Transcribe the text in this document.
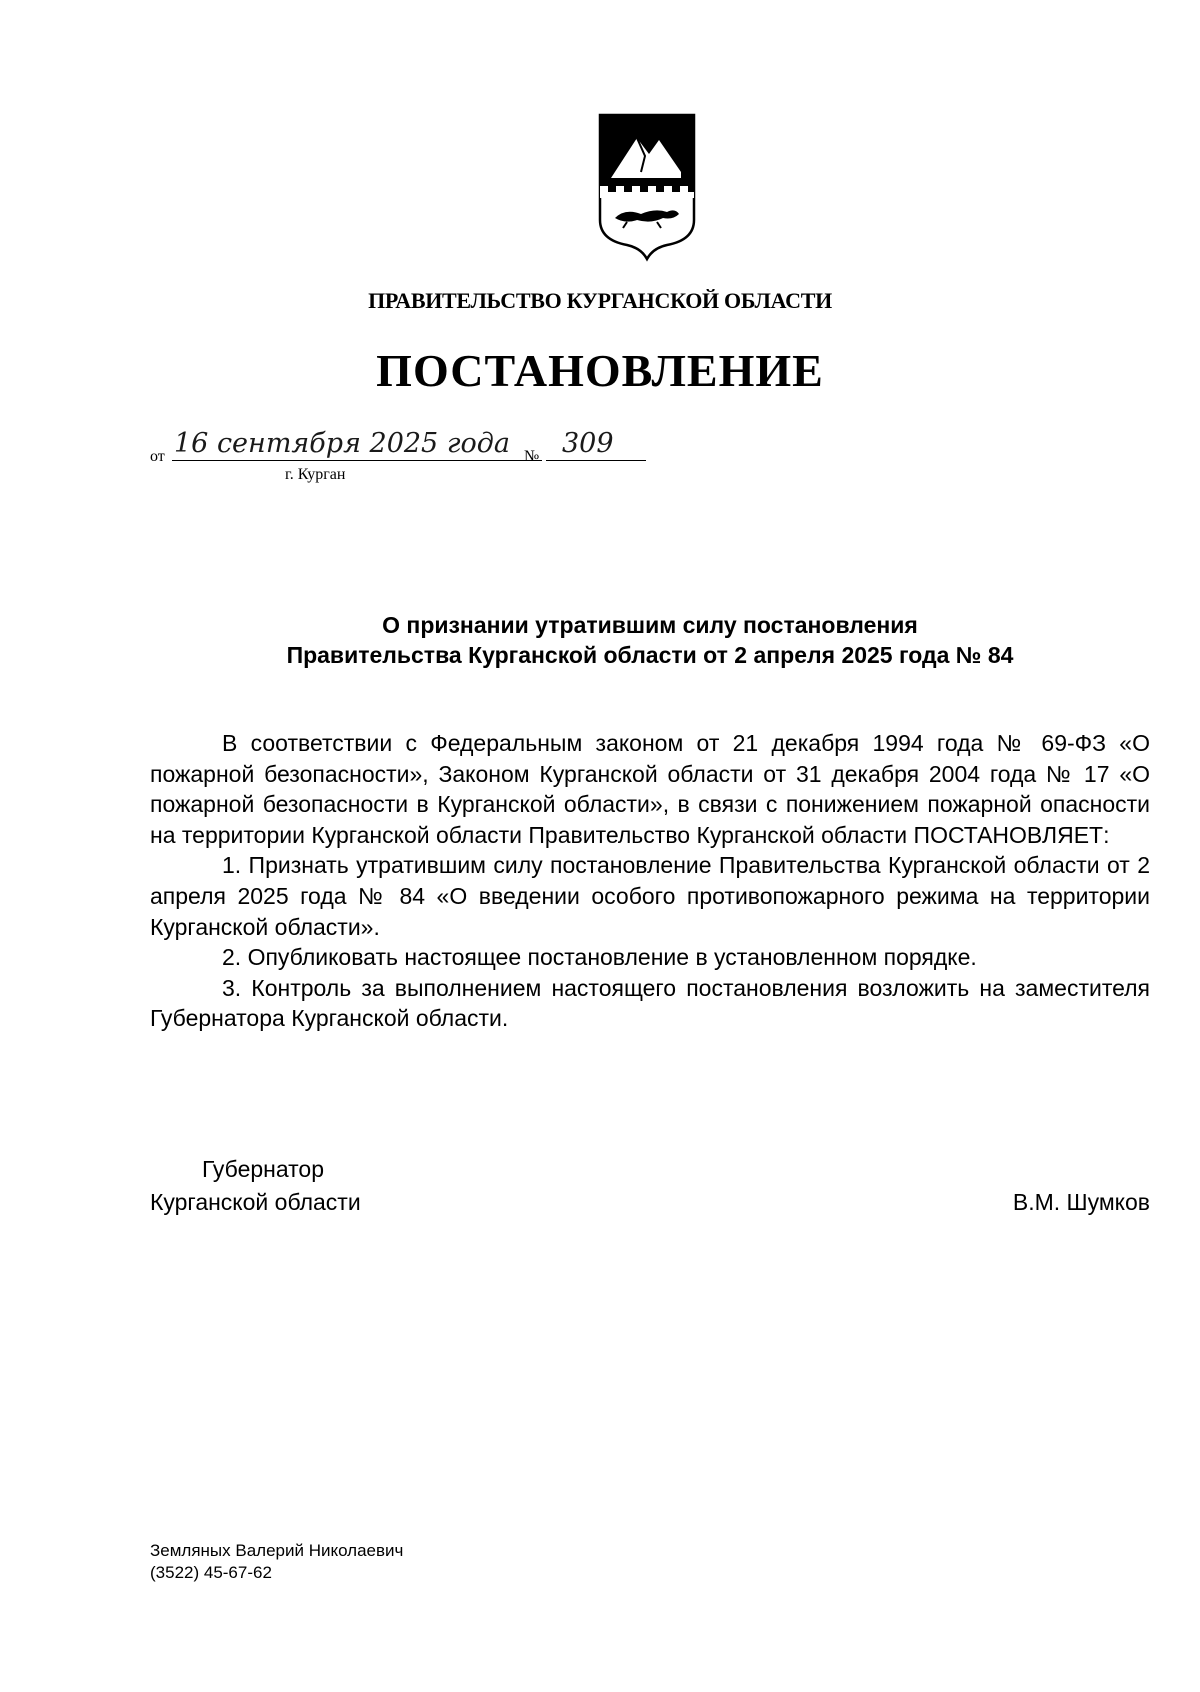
ПРАВИТЕЛЬСТВО КУРГАНСКОЙ ОБЛАСТИ
ПОСТАНОВЛЕНИЕ
от 16 сентября 2025 года № 309
г. Курган
О признании утратившим силу постановления
Правительства Курганской области от 2 апреля 2025 года № 84

В соответствии с Федеральным законом от 21 декабря 1994 года № 69-ФЗ «О пожарной безопасности», Законом Курганской области от 31 декабря 2004 года № 17 «О пожарной безопасности в Курганской области», в связи с понижением пожарной опасности на территории Курганской области Правительство Курганской области ПОСТАНОВЛЯЕТ:

1. Признать утратившим силу постановление Правительства Курганской области от 2 апреля 2025 года № 84 «О введении особого противопожарного режима на территории Курганской области».

2. Опубликовать настоящее постановление в установленном порядке.

3. Контроль за выполнением настоящего постановления возложить на заместителя Губернатора Курганской области.

Губернатор
Курганской области	В.М. Шумков
Земляных Валерий Николаевич
(3522) 45-67-62
